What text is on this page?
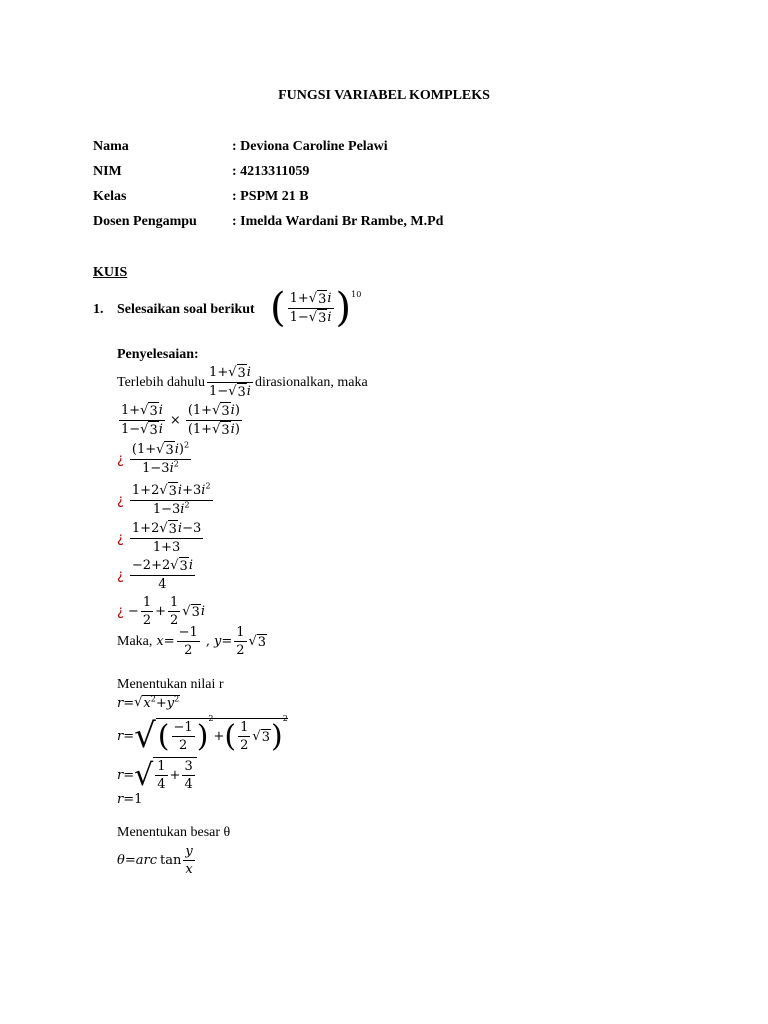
FUNGSI VARIABEL KOMPLEKS
Nama	: Deviona Caroline Pelawi
NIM	: 4213311059
Kelas	: PSPM 21 B
Dosen Pengampu	: Imelda Wardani Br Rambe, M.Pd
KUIS
1. Selesaikan soal berikut ( $\frac{1+ √ 3 i}{1- √ 3 i}$ ) 10
Penyelesaian:
Terlebih dahulu $\frac{1+ √ 3 i}{1- √ 3 i}$ dirasionalkan, maka
$\frac{1+ √ 3 i}{1- √ 3 i} \times \frac{(1+ √ 3 i)}{(1+ √ 3 i)}$
¿ $\frac{(1+ √ 3 i)^2}{1-3i^2}$
¿ $\frac{1+2 √ 3 i+3i^2}{1-3i^2}$
¿ $\frac{1+2 √ 3 i-3}{1+3}$
¿ $\frac{-2+2 √ 3 i}{4}$
¿ − $\frac{1}{2} + \frac{1}{2}$ √ 3 i
Maka, $x = \frac{-1}{2}$ , $y = \frac{1}{2}$ √ 3
Menentukan nilai r
r = √ $x^2+y^2$
r = √ ( $\frac{-1}{2}$ ) 2
+ ( $\frac{1}{2}$ √ 3 ) 2
r = √ $\frac{1}{4} + \frac{3}{4}$
r =1
Menentukan besar θ
θ = arc $\tan \frac{y}{x}$
